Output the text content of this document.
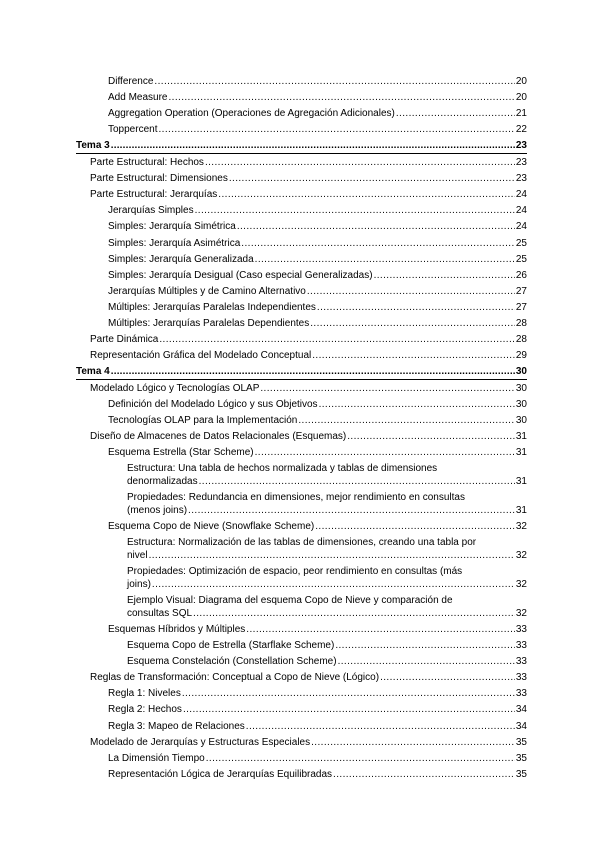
Difference .....	20
Add Measure .....	20
Aggregation Operation (Operaciones de Agregación Adicionales) .....	21
Toppercent .....	22
Tema 3 .....	23
Parte Estructural: Hechos .....	23
Parte Estructural: Dimensiones .....	23
Parte Estructural: Jerarquías .....	24
Jerarquías Simples .....	24
Simples: Jerarquía Simétrica .....	24
Simples: Jerarquía Asimétrica .....	25
Simples: Jerarquía Generalizada .....	25
Simples: Jerarquía Desigual (Caso especial Generalizadas) .....	26
Jerarquías Múltiples y de Camino Alternativo .....	27
Múltiples: Jerarquías Paralelas Independientes .....	27
Múltiples: Jerarquías Paralelas Dependientes .....	28
Parte Dinámica .....	28
Representación Gráfica del Modelado Conceptual .....	29
Tema 4 .....	30
Modelado Lógico y Tecnologías OLAP .....	30
Definición del Modelado Lógico y sus Objetivos .....	30
Tecnologías OLAP para la Implementación .....	30
Diseño de Almacenes de Datos Relacionales (Esquemas) .....	31
Esquema Estrella (Star Scheme) .....	31
Estructura: Una tabla de hechos normalizada y tablas de dimensiones
denormalizadas .....	31
Propiedades: Redundancia en dimensiones, mejor rendimiento en consultas
(menos joins) .....	31
Esquema Copo de Nieve (Snowflake Scheme) .....	32
Estructura: Normalización de las tablas de dimensiones, creando una tabla por
nivel .....	32
Propiedades: Optimización de espacio, peor rendimiento en consultas (más
joins) .....	32
Ejemplo Visual: Diagrama del esquema Copo de Nieve y comparación de
consultas SQL .....	32
Esquemas Híbridos y Múltiples .....	33
Esquema Copo de Estrella (Starflake Scheme) .....	33
Esquema Constelación (Constellation Scheme) .....	33
Reglas de Transformación: Conceptual a Copo de Nieve (Lógico) .....	33
Regla 1: Niveles .....	33
Regla 2: Hechos .....	34
Regla 3: Mapeo de Relaciones .....	34
Modelado de Jerarquías y Estructuras Especiales .....	35
La Dimensión Tiempo .....	35
Representación Lógica de Jerarquías Equilibradas .....	35
